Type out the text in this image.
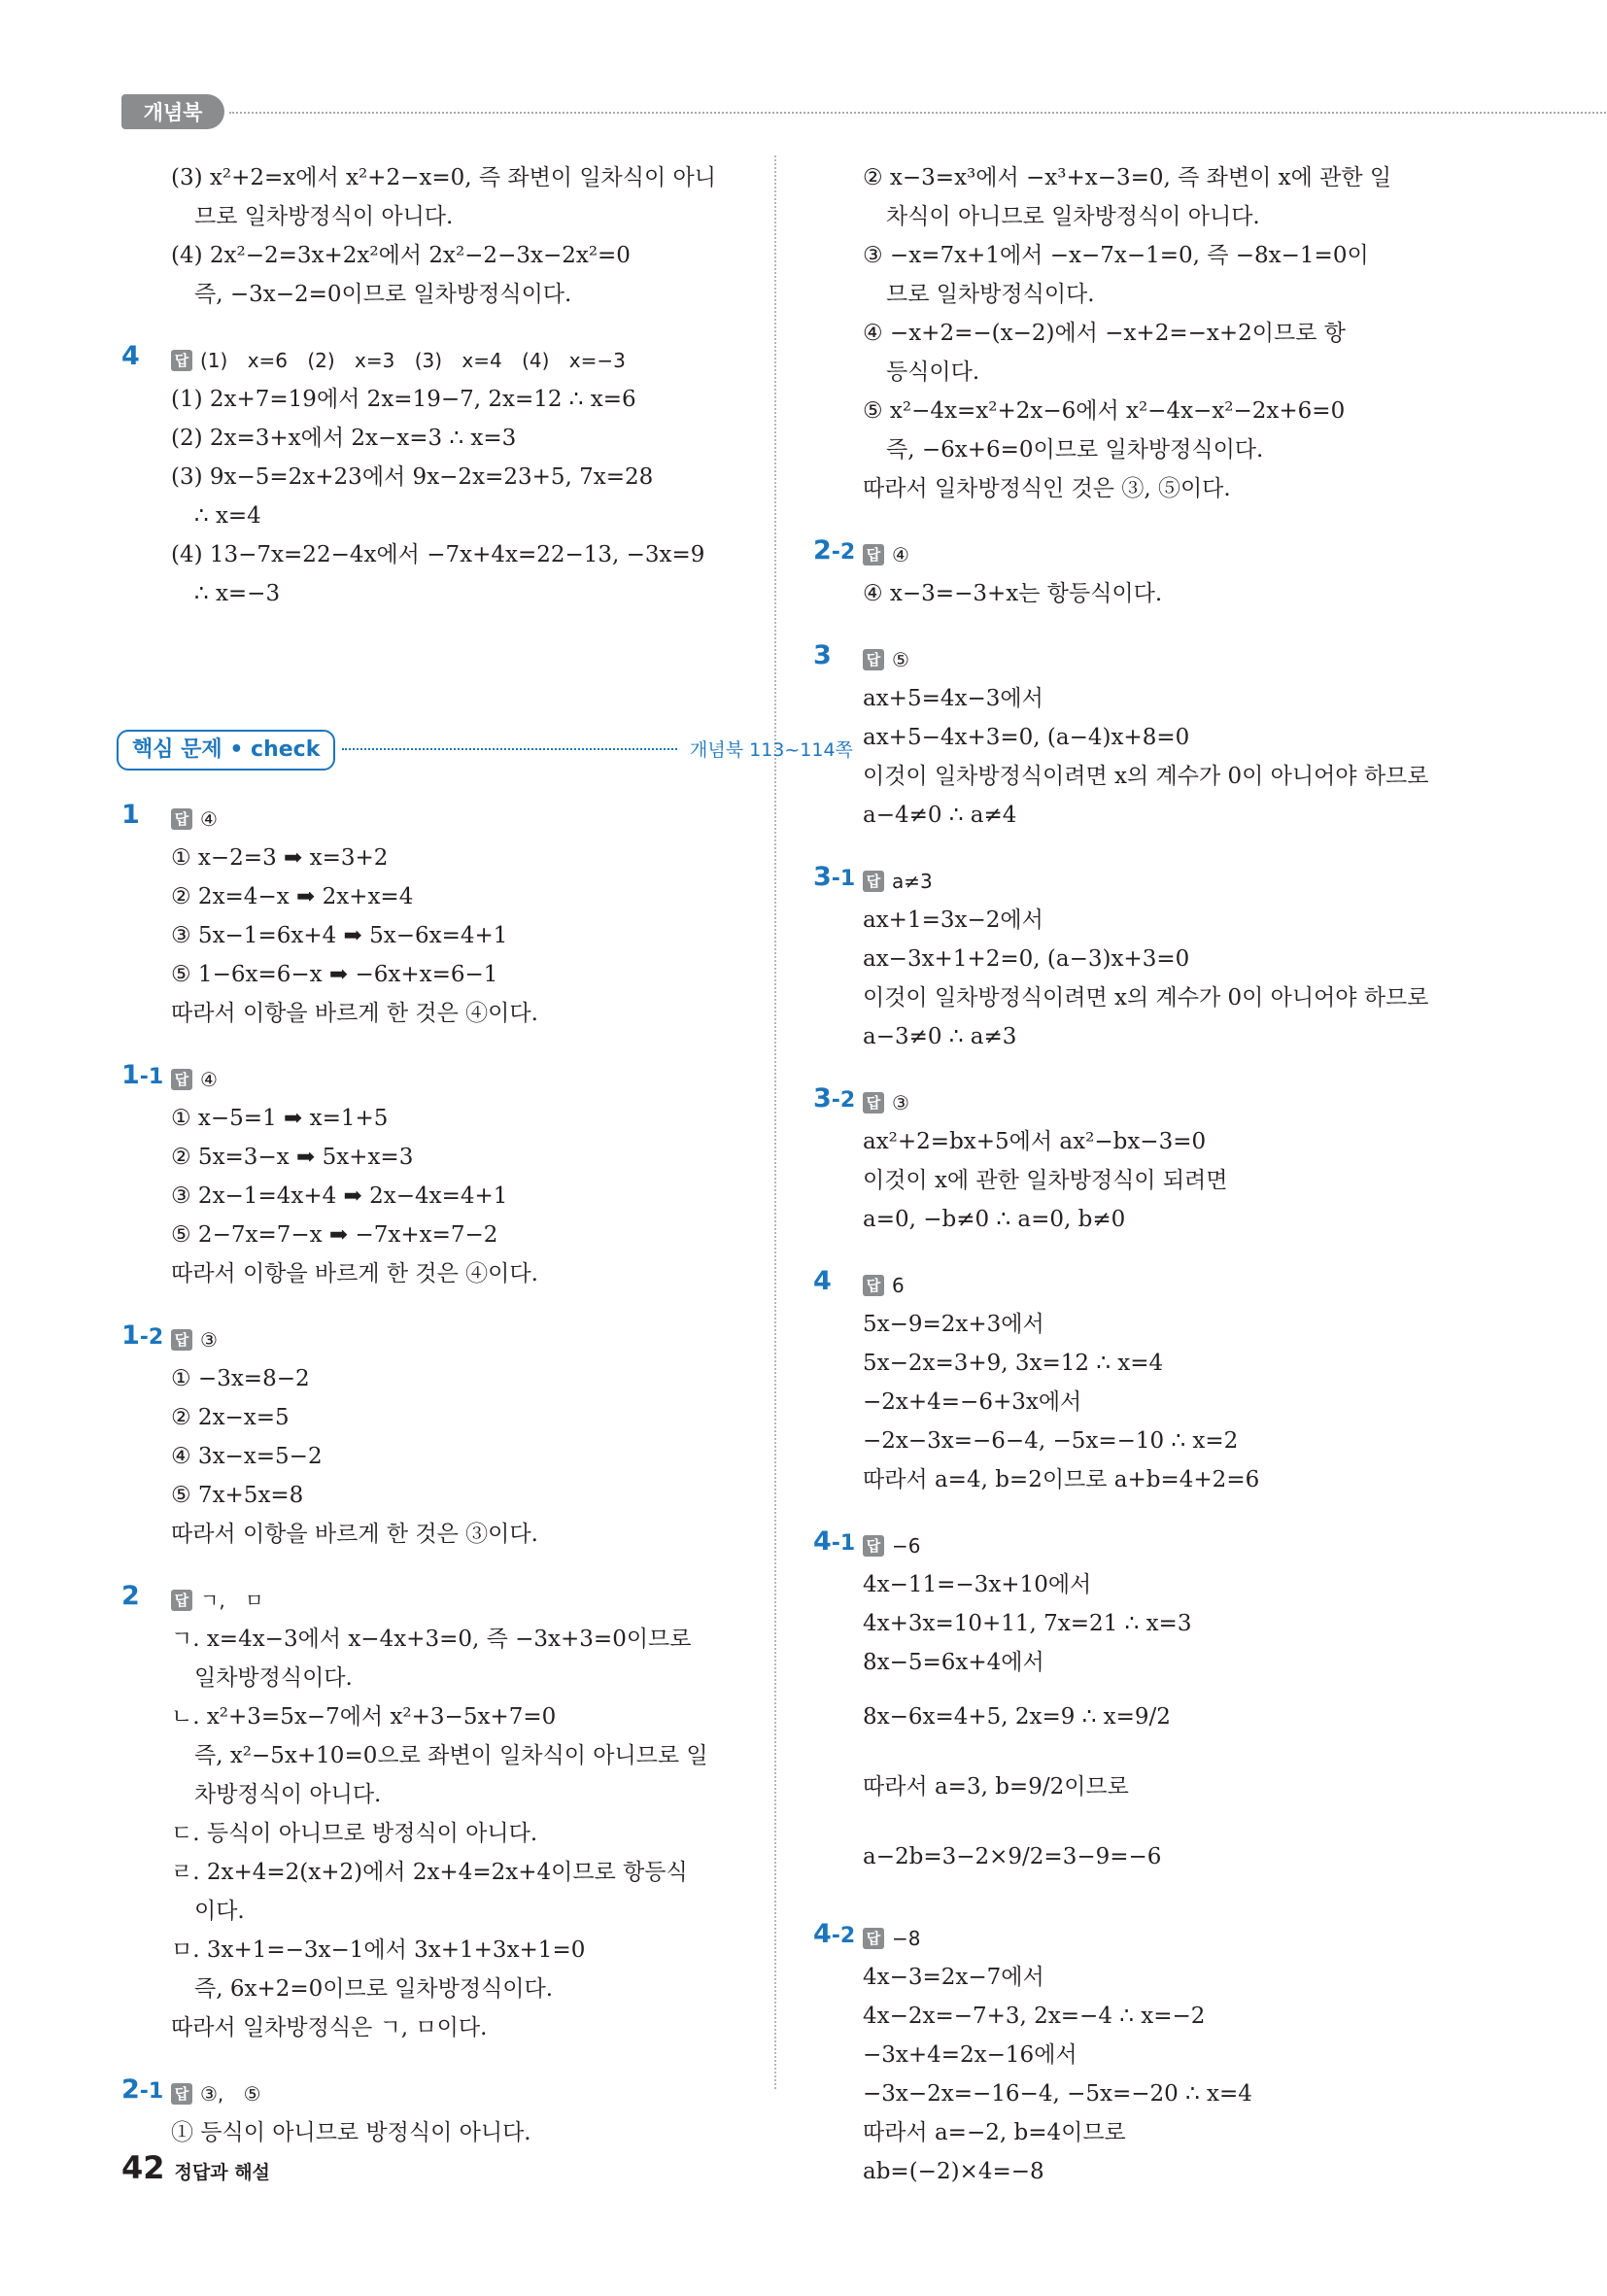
개념북
(3) x²+2=x에서 x²+2−x=0, 즉 좌변이 일차식이 아니
므로 일차방정식이 아니다.
(4) 2x²−2=3x+2x²에서 2x²−2−3x−2x²=0
즉, −3x−2=0이므로 일차방정식이다.
4	답 (1) x=6 (2) x=3 (3) x=4 (4) x=−3
(1) 2x+7=19에서 2x=19−7, 2x=12 ∴ x=6
(2) 2x=3+x에서 2x−x=3 ∴ x=3
(3) 9x−5=2x+23에서 9x−2x=23+5, 7x=28
∴ x=4
(4) 13−7x=22−4x에서 −7x+4x=22−13, −3x=9
∴ x=−3
핵심 문제 • check	개념북 113~114쪽
1	답 ④
① x−2=3 ➡ x=3+2
② 2x=4−x ➡ 2x+x=4
③ 5x−1=6x+4 ➡ 5x−6x=4+1
⑤ 1−6x=6−x ➡ −6x+x=6−1
따라서 이항을 바르게 한 것은 ④이다.
1-1 답 ④
① x−5=1 ➡ x=1+5
② 5x=3−x ➡ 5x+x=3
③ 2x−1=4x+4 ➡ 2x−4x=4+1
⑤ 2−7x=7−x ➡ −7x+x=7−2
따라서 이항을 바르게 한 것은 ④이다.
1-2 답 ③
① −3x=8−2
② 2x−x=5
④ 3x−x=5−2
⑤ 7x+5x=8
따라서 이항을 바르게 한 것은 ③이다.
2	답 ㄱ, ㅁ
ㄱ. x=4x−3에서 x−4x+3=0, 즉 −3x+3=0이므로
일차방정식이다.
ㄴ. x²+3=5x−7에서 x²+3−5x+7=0
즉, x²−5x+10=0으로 좌변이 일차식이 아니므로 일
차방정식이 아니다.
ㄷ. 등식이 아니므로 방정식이 아니다.
ㄹ. 2x+4=2(x+2)에서 2x+4=2x+4이므로 항등식
이다.
ㅁ. 3x+1=−3x−1에서 3x+1+3x+1=0
즉, 6x+2=0이므로 일차방정식이다.
따라서 일차방정식은 ㄱ, ㅁ이다.
2-1 답 ③, ⑤
① 등식이 아니므로 방정식이 아니다.
② x−3=x³에서 −x³+x−3=0, 즉 좌변이 x에 관한 일
차식이 아니므로 일차방정식이 아니다.
③ −x=7x+1에서 −x−7x−1=0, 즉 −8x−1=0이
므로 일차방정식이다.
④ −x+2=−(x−2)에서 −x+2=−x+2이므로 항
등식이다.
⑤ x²−4x=x²+2x−6에서 x²−4x−x²−2x+6=0
즉, −6x+6=0이므로 일차방정식이다.
따라서 일차방정식인 것은 ③, ⑤이다.
2-2 답 ④
④ x−3=−3+x는 항등식이다.
3	답 ⑤
ax+5=4x−3에서
ax+5−4x+3=0, (a−4)x+8=0
이것이 일차방정식이려면 x의 계수가 0이 아니어야 하므로
a−4≠0 ∴ a≠4
3-1 답 a≠3
ax+1=3x−2에서
ax−3x+1+2=0, (a−3)x+3=0
이것이 일차방정식이려면 x의 계수가 0이 아니어야 하므로
a−3≠0 ∴ a≠3
3-2 답 ③
ax²+2=bx+5에서 ax²−bx−3=0
이것이 x에 관한 일차방정식이 되려면
a=0, −b≠0 ∴ a=0, b≠0
4	답 6
5x−9=2x+3에서
5x−2x=3+9, 3x=12 ∴ x=4
−2x+4=−6+3x에서
−2x−3x=−6−4, −5x=−10 ∴ x=2
따라서 a=4, b=2이므로 a+b=4+2=6
4-1 답 −6
4x−11=−3x+10에서
4x+3x=10+11, 7x=21 ∴ x=3
8x−5=6x+4에서
8x−6x=4+5, 2x=9 ∴ x=9/2
따라서 a=3, b=9/2이므로
a−2b=3−2×9/2=3−9=−6
4-2 답 −8
4x−3=2x−7에서
4x−2x=−7+3, 2x=−4 ∴ x=−2
−3x+4=2x−16에서
−3x−2x=−16−4, −5x=−20 ∴ x=4
따라서 a=−2, b=4이므로
ab=(−2)×4=−8
42 정답과 해설
